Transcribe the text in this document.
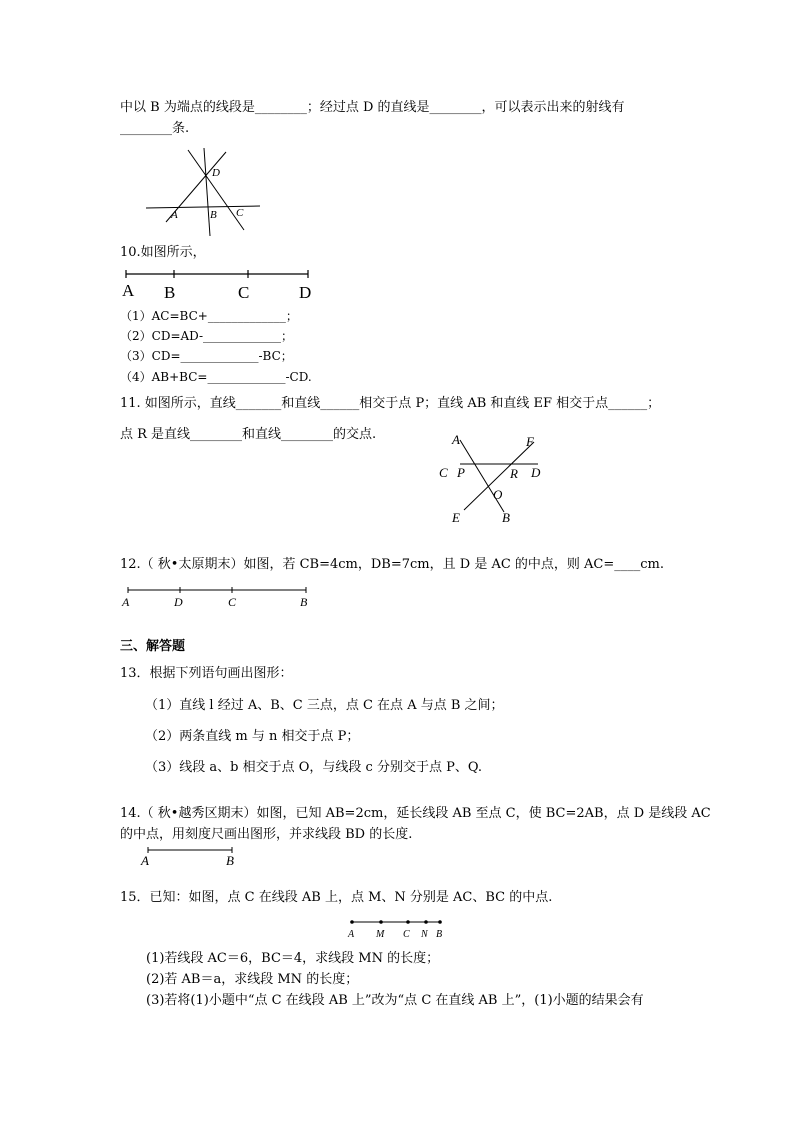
中以 B 为端点的线段是________；经过点 D 的直线是________，可以表示出来的射线有
________条.
D
A	B C
10.如图所示，
A B	C	D
（1）AC=BC+_____________；
（2）CD=AD-_____________；
（3）CD=_____________-BC；
（4）AB+BC=_____________-CD.
11. 如图所示，直线_______和直线______相交于点 P；直线 AB 和直线 EF 相交于点______；
点 R 是直线________和直线________的交点.	A	F
C P	R D
O
E	B
12.（ 秋•太原期末）如图，若 CB=4cm，DB=7cm，且 D 是 AC 的中点，则 AC=____cm.
A	D	C	B
三、解答题
13．根据下列语句画出图形：
（1）直线 l 经过 A、B、C 三点，点 C 在点 A 与点 B 之间；
（2）两条直线 m 与 n 相交于点 P；
（3）线段 a、b 相交于点 O，与线段 c 分别交于点 P、Q.
14.（ 秋•越秀区期末）如图，已知 AB=2cm，延长线段 AB 至点 C，使 BC=2AB，点 D 是线段 AC
的中点，用刻度尺画出图形，并求线段 BD 的长度.
A	B
15．已知：如图，点 C 在线段 AB 上，点 M、N 分别是 AC、BC 的中点.
A M C N B
(1)若线段 AC＝6，BC＝4，求线段 MN 的长度；
(2)若 AB＝a，求线段 MN 的长度；
(3)若将(1)小题中“点 C 在线段 AB 上”改为“点 C 在直线 AB 上”，(1)小题的结果会有
